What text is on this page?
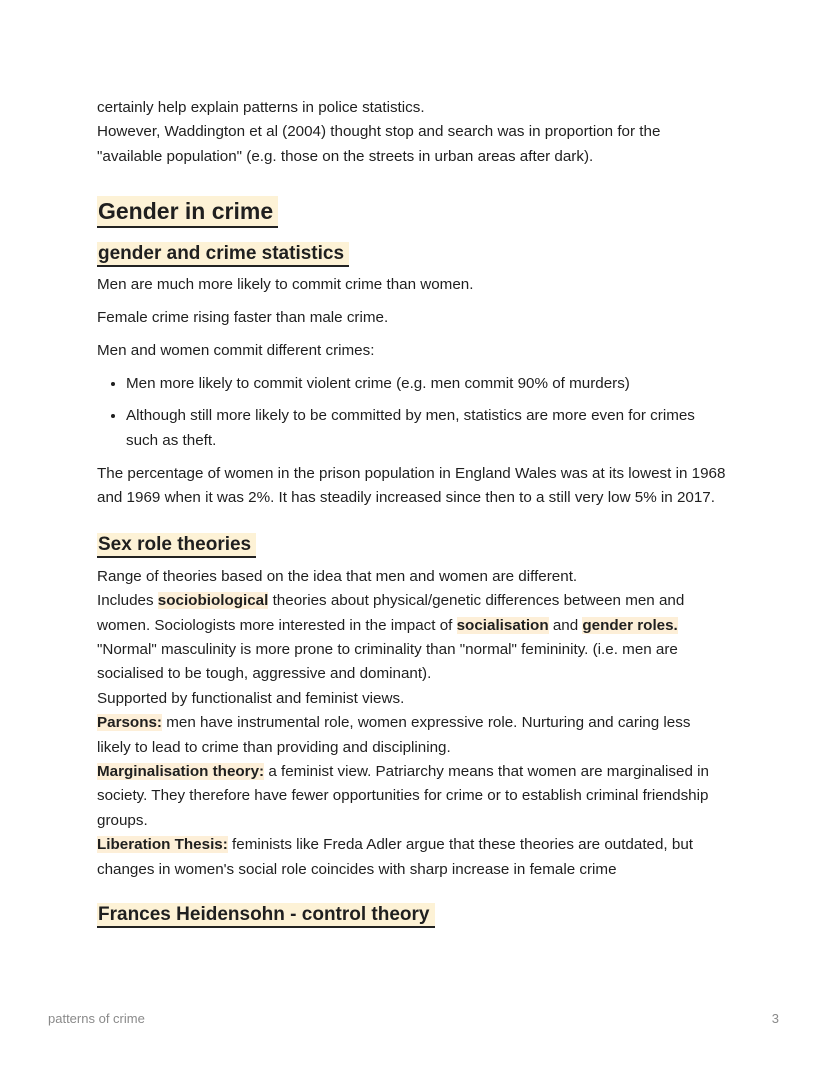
certainly help explain patterns in police statistics.

However, Waddington et al (2004) thought stop and search was in proportion for the "available population" (e.g. those on the streets in urban areas after dark).

Gender in crime
gender and crime statistics

Men are much more likely to commit crime than women.

Female crime rising faster than male crime.

Men and women commit different crimes:

• Men more likely to commit violent crime (e.g. men commit 90% of murders)
• Although still more likely to be committed by men, statistics are more even for crimes such as theft.

The percentage of women in the prison population in England Wales was at its lowest in 1968 and 1969 when it was 2%. It has steadily increased since then to a still very low 5% in 2017.

Sex role theories

Range of theories based on the idea that men and women are different.

Includes sociobiological theories about physical/genetic differences between men and women. Sociologists more interested in the impact of socialisation and gender roles.

"Normal" masculinity is more prone to criminality than "normal" femininity. (i.e. men are socialised to be tough, aggressive and dominant).

Supported by functionalist and feminist views.

Parsons: men have instrumental role, women expressive role. Nurturing and caring less likely to lead to crime than providing and disciplining.

Marginalisation theory: a feminist view. Patriarchy means that women are marginalised in society. They therefore have fewer opportunities for crime or to establish criminal friendship groups.

Liberation Thesis: feminists like Freda Adler argue that these theories are outdated, but changes in women's social role coincides with sharp increase in female crime

Frances Heidensohn - control theory
patterns of crime	3
